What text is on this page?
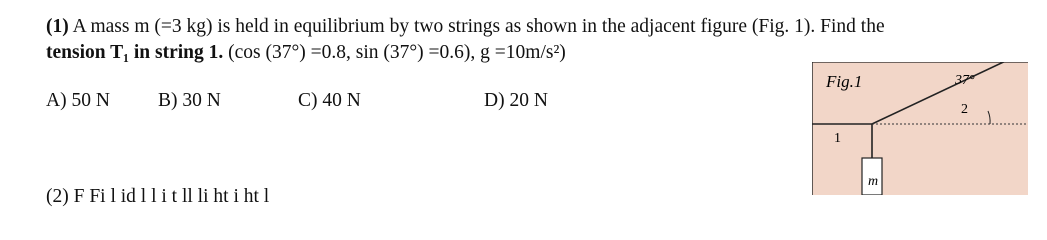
(1) A mass m (=3 kg) is held in equilibrium by two strings as shown in the adjacent figure (Fig. 1). Find the
tension T₁ in string 1. (cos (37°) =0.8, sin (37°) =0.6), g =10m/s²)
A) 50 N B) 30 N	C) 40 N	D) 20 N
Fig.1	37°
2
1
m
(2) F Fi l id l l i t ll li ht i ht l
